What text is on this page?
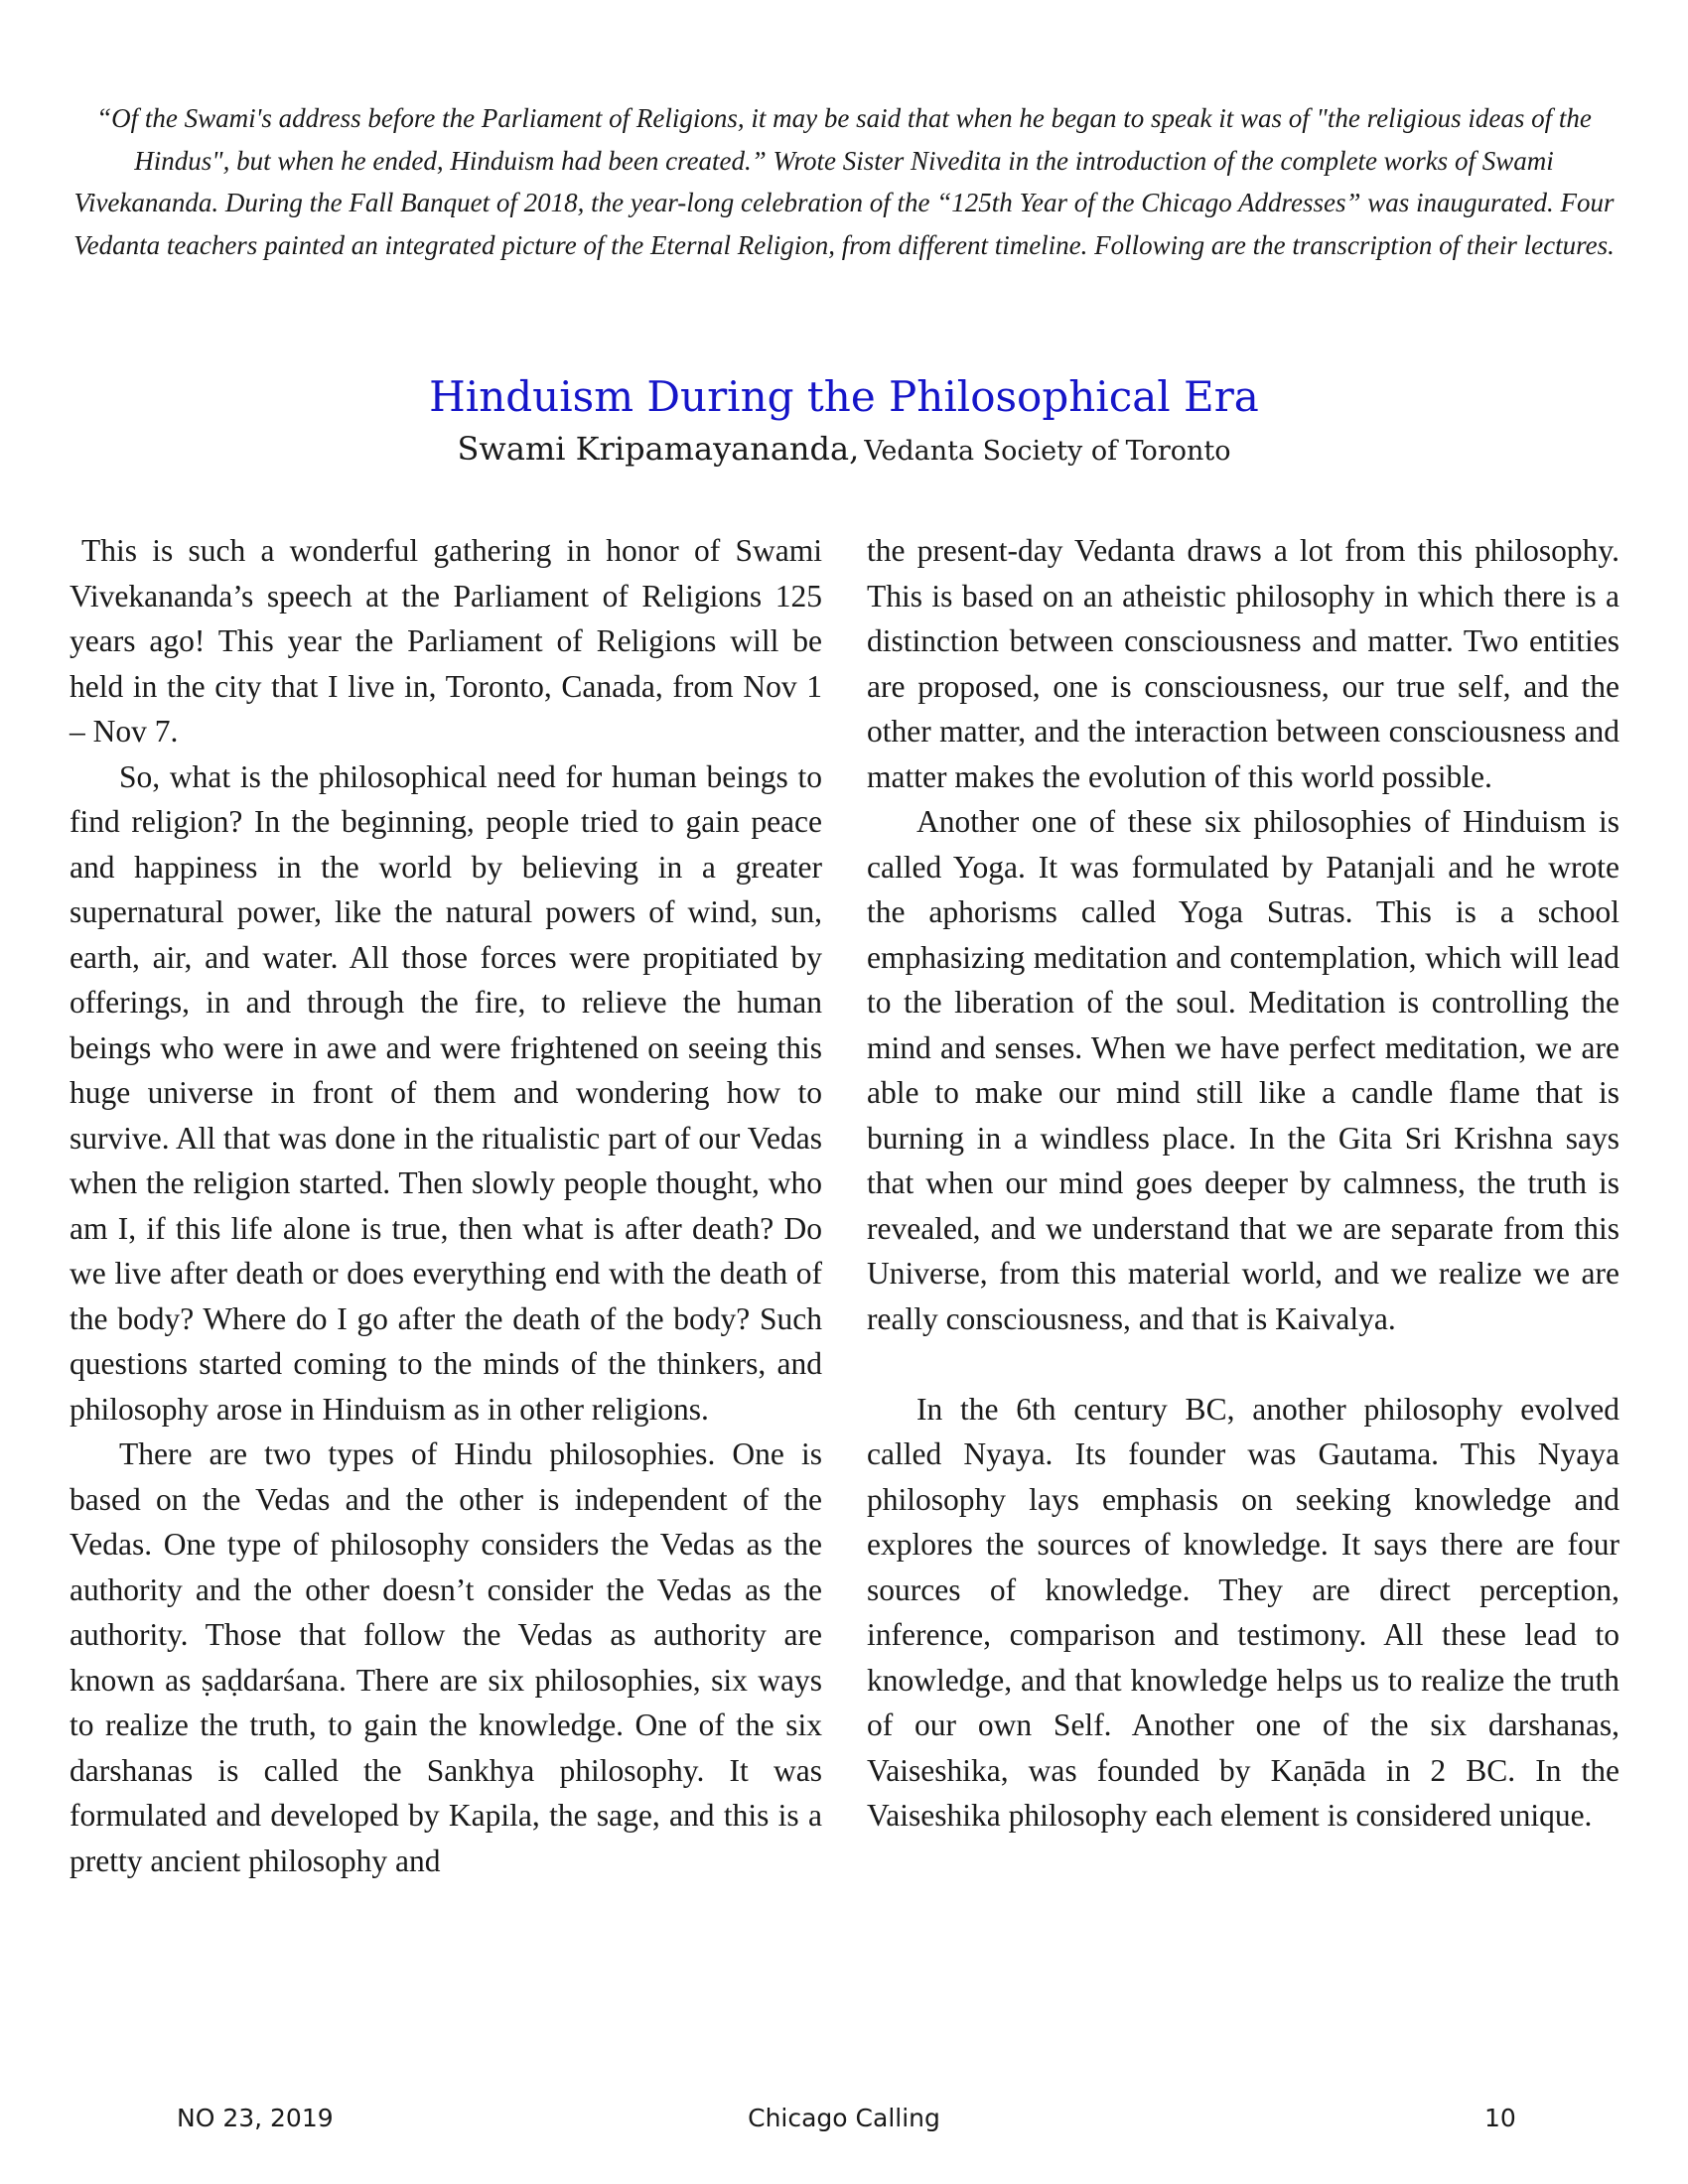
“Of the Swami's address before the Parliament of Religions, it may be said that when he began to speak it was of "the religious ideas of the Hindus", but when he ended, Hinduism had been created.” Wrote Sister Nivedita in the introduction of the complete works of Swami Vivekananda. During the Fall Banquet of 2018, the year-long celebration of the “125th Year of the Chicago Addresses” was inaugurated. Four Vedanta teachers painted an integrated picture of the Eternal Religion, from different timeline. Following are the transcription of their lectures.

Hinduism During the Philosophical Era
Swami Kripamayananda, Vedanta Society of Toronto

This is such a wonderful gathering in honor of Swami Vivekananda’s speech at the Parliament of Religions 125 years ago! This year the Parliament of Religions will be held in the city that I live in, Toronto, Canada, from Nov 1 – Nov 7.

So, what is the philosophical need for human beings to find religion? In the beginning, people tried to gain peace and happiness in the world by believing in a greater supernatural power, like the natural powers of wind, sun, earth, air, and water. All those forces were propitiated by offerings, in and through the fire, to relieve the human beings who were in awe and were frightened on seeing this huge universe in front of them and wondering how to survive. All that was done in the ritualistic part of our Vedas when the religion started. Then slowly people thought, who am I, if this life alone is true, then what is after death? Do we live after death or does everything end with the death of the body? Where do I go after the death of the body? Such questions started coming to the minds of the thinkers, and philosophy arose in Hinduism as in other religions.

There are two types of Hindu philosophies. One is based on the Vedas and the other is independent of the Vedas. One type of philosophy considers the Vedas as the authority and the other doesn’t consider the Vedas as the authority. Those that follow the Vedas as authority are known as ṣaḍdarśana. There are six philosophies, six ways to realize the truth, to gain the knowledge. One of the six darshanas is called the Sankhya philosophy. It was formulated and developed by Kapila, the sage, and this is a pretty ancient philosophy and

the present-day Vedanta draws a lot from this philosophy. This is based on an atheistic philosophy in which there is a distinction between consciousness and matter. Two entities are proposed, one is consciousness, our true self, and the other matter, and the interaction between consciousness and matter makes the evolution of this world possible.

Another one of these six philosophies of Hinduism is called Yoga. It was formulated by Patanjali and he wrote the aphorisms called Yoga Sutras. This is a school emphasizing meditation and contemplation, which will lead to the liberation of the soul. Meditation is controlling the mind and senses. When we have perfect meditation, we are able to make our mind still like a candle flame that is burning in a windless place. In the Gita Sri Krishna says that when our mind goes deeper by calmness, the truth is revealed, and we understand that we are separate from this Universe, from this material world, and we realize we are really consciousness, and that is Kaivalya.

In the 6th century BC, another philosophy evolved called Nyaya. Its founder was Gautama. This Nyaya philosophy lays emphasis on seeking knowledge and explores the sources of knowledge. It says there are four sources of knowledge. They are direct perception, inference, comparison and testimony. All these lead to knowledge, and that knowledge helps us to realize the truth of our own Self. Another one of the six darshanas, Vaiseshika, was founded by Kaṇāda in 2 BC. In the Vaiseshika philosophy each element is considered unique.

NO 23, 2019	Chicago Calling	10
